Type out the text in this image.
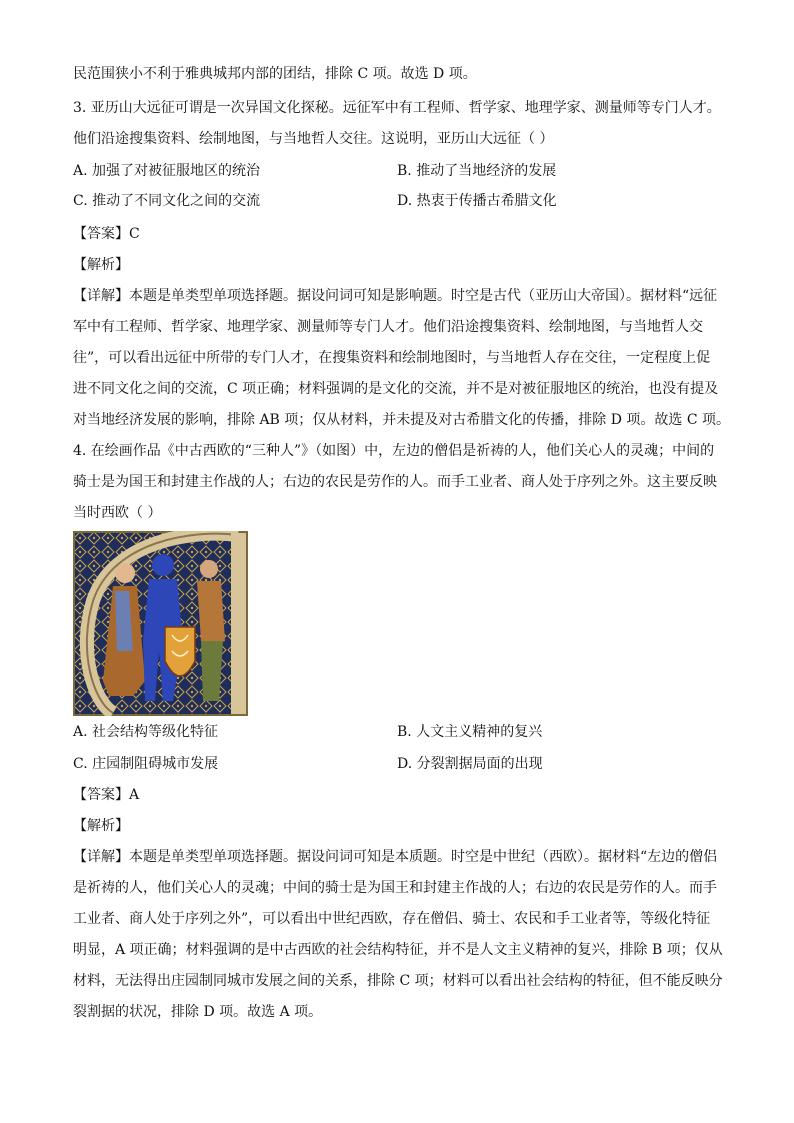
民范围狭小不利于雅典城邦内部的团结，排除 C 项。故选 D 项。
3. 亚历山大远征可谓是一次异国文化探秘。远征军中有工程师、哲学家、地理学家、测量师等专门人才。
他们沿途搜集资料、绘制地图，与当地哲人交往。这说明，亚历山大远征（ ）
A. 加强了对被征服地区的统治	B. 推动了当地经济的发展
C. 推动了不同文化之间的交流	D. 热衷于传播古希腊文化
【答案】C
【解析】
【详解】本题是单类型单项选择题。据设问词可知是影响题。时空是古代（亚历山大帝国）。据材料“远征
军中有工程师、哲学家、地理学家、测量师等专门人才。他们沿途搜集资料、绘制地图，与当地哲人交
往”，可以看出远征中所带的专门人才，在搜集资料和绘制地图时，与当地哲人存在交往，一定程度上促
进不同文化之间的交流，C 项正确；材料强调的是文化的交流，并不是对被征服地区的统治，也没有提及
对当地经济发展的影响，排除 AB 项；仅从材料，并未提及对古希腊文化的传播，排除 D 项。故选 C 项。
4. 在绘画作品《中古西欧的“三种人”》（如图）中，左边的僧侣是祈祷的人，他们关心人的灵魂；中间的
骑士是为国王和封建主作战的人；右边的农民是劳作的人。而手工业者、商人处于序列之外。这主要反映
当时西欧（ ）
A. 社会结构等级化特征	B. 人文主义精神的复兴
C. 庄园制阻碍城市发展	D. 分裂割据局面的出现
【答案】A
【解析】
【详解】本题是单类型单项选择题。据设问词可知是本质题。时空是中世纪（西欧）。据材料“左边的僧侣
是祈祷的人，他们关心人的灵魂；中间的骑士是为国王和封建主作战的人；右边的农民是劳作的人。而手
工业者、商人处于序列之外”，可以看出中世纪西欧，存在僧侣、骑士、农民和手工业者等，等级化特征
明显，A 项正确；材料强调的是中古西欧的社会结构特征，并不是人文主义精神的复兴，排除 B 项；仅从
材料，无法得出庄园制同城市发展之间的关系，排除 C 项；材料可以看出社会结构的特征，但不能反映分
裂割据的状况，排除 D 项。故选 A 项。
